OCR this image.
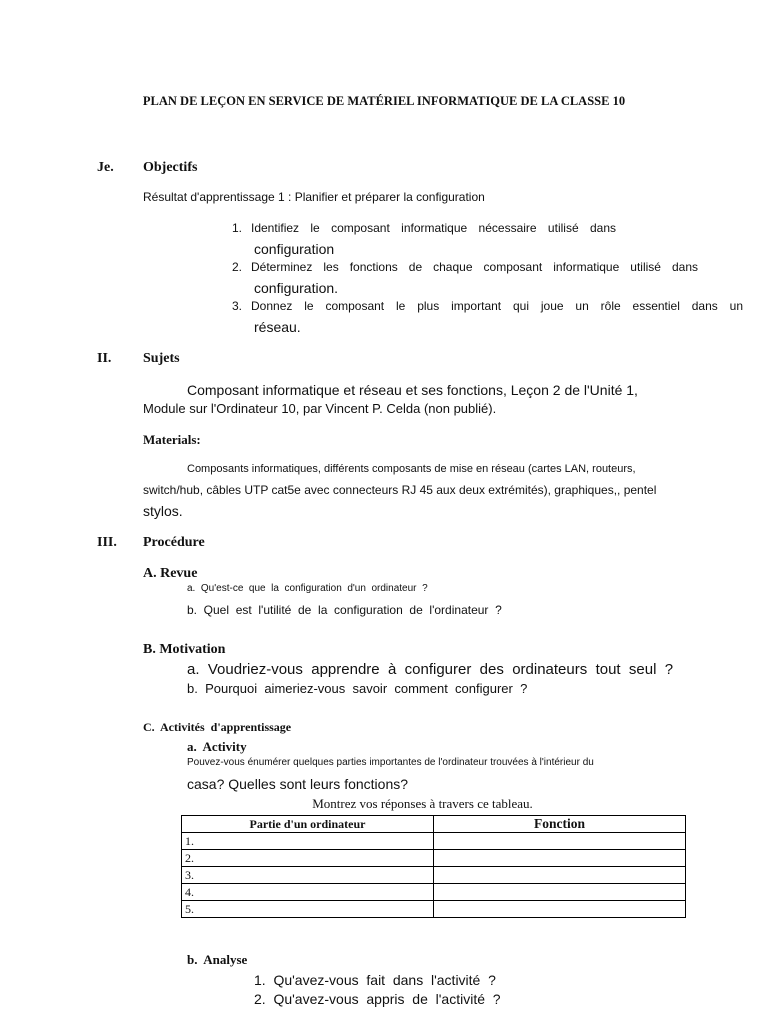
PLAN DE LEÇON EN SERVICE DE MATÉRIEL INFORMATIQUE DE LA CLASSE 10
Je. Objectifs
Résultat d'apprentissage 1 : Planifier et préparer la configuration
1. Identifiez le composant informatique nécessaire utilisé dans
configuration
2. Déterminez les fonctions de chaque composant informatique utilisé dans
configuration.
3. Donnez le composant le plus important qui joue un rôle essentiel dans un
réseau.
II. Sujets
Composant informatique et réseau et ses fonctions, Leçon 2 de l'Unité 1,
Module sur l'Ordinateur 10, par Vincent P. Celda (non publié).
Materials:
Composants informatiques, différents composants de mise en réseau (cartes LAN, routeurs,
switch/hub, câbles UTP cat5e avec connecteurs RJ 45 aux deux extrémités), graphiques,, pentel
stylos.
III. Procédure
A. Revue
a.  Qu'est-ce  que  la  configuration  d'un  ordinateur  ?
b.  Quel  est  l'utilité  de  la  configuration  de  l'ordinateur  ?
B. Motivation
a.  Voudriez-vous  apprendre  à  configurer  des  ordinateurs  tout  seul  ?
b.  Pourquoi  aimeriez-vous  savoir  comment  configurer  ?
C.  Activités  d'apprentissage
a.  Activity
Pouvez-vous énumérer quelques parties importantes de l'ordinateur trouvées à l'intérieur du
casa? Quelles sont leurs fonctions?
Montrez vos réponses à travers ce tableau.
Partie d'un ordinateur	Fonction
1.	
2.	
3.	
4.	
5.	
b.  Analyse
1.  Qu'avez-vous  fait  dans  l'activité  ?
2.  Qu'avez-vous  appris  de  l'activité  ?
